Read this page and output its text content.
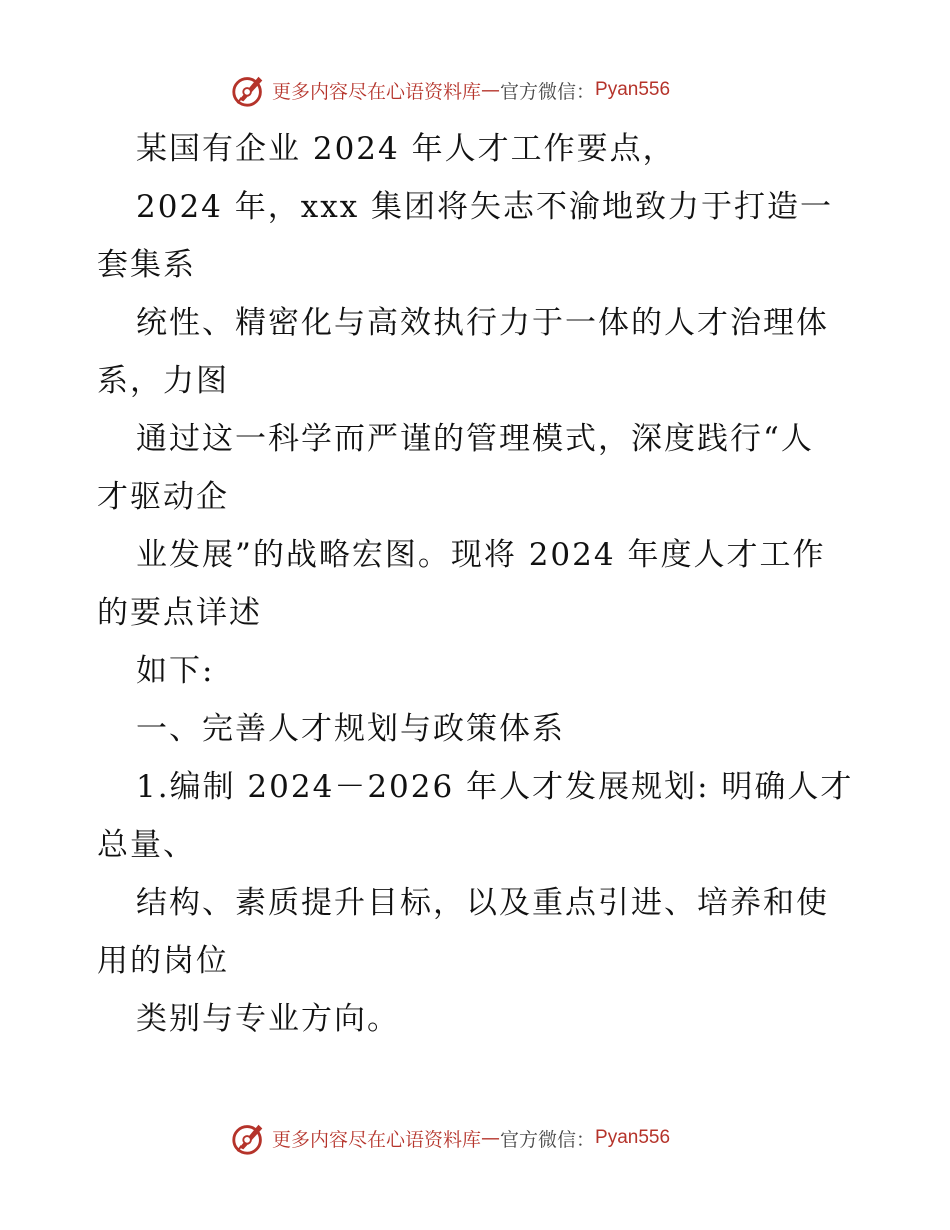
更多内容尽在心语资料库 — 官方微信： Pyan556
某国有企业 2024 年人才工作要点，
2024 年，xxx 集团将矢志不渝地致力于打造一
套集系
统性、精密化与高效执行力于一体的人才治理体
系，力图
通过这一科学而严谨的管理模式，深度践行“人
才驱动企
业发展”的战略宏图。现将 2024 年度人才工作
的要点详述
如下:
一、完善人才规划与政策体系
1.编制 2024－2026 年人才发展规划: 明确人才
总量、
结构、素质提升目标，以及重点引进、培养和使
用的岗位
类别与专业方向。
更多内容尽在心语资料库 — 官方微信： Pyan556
